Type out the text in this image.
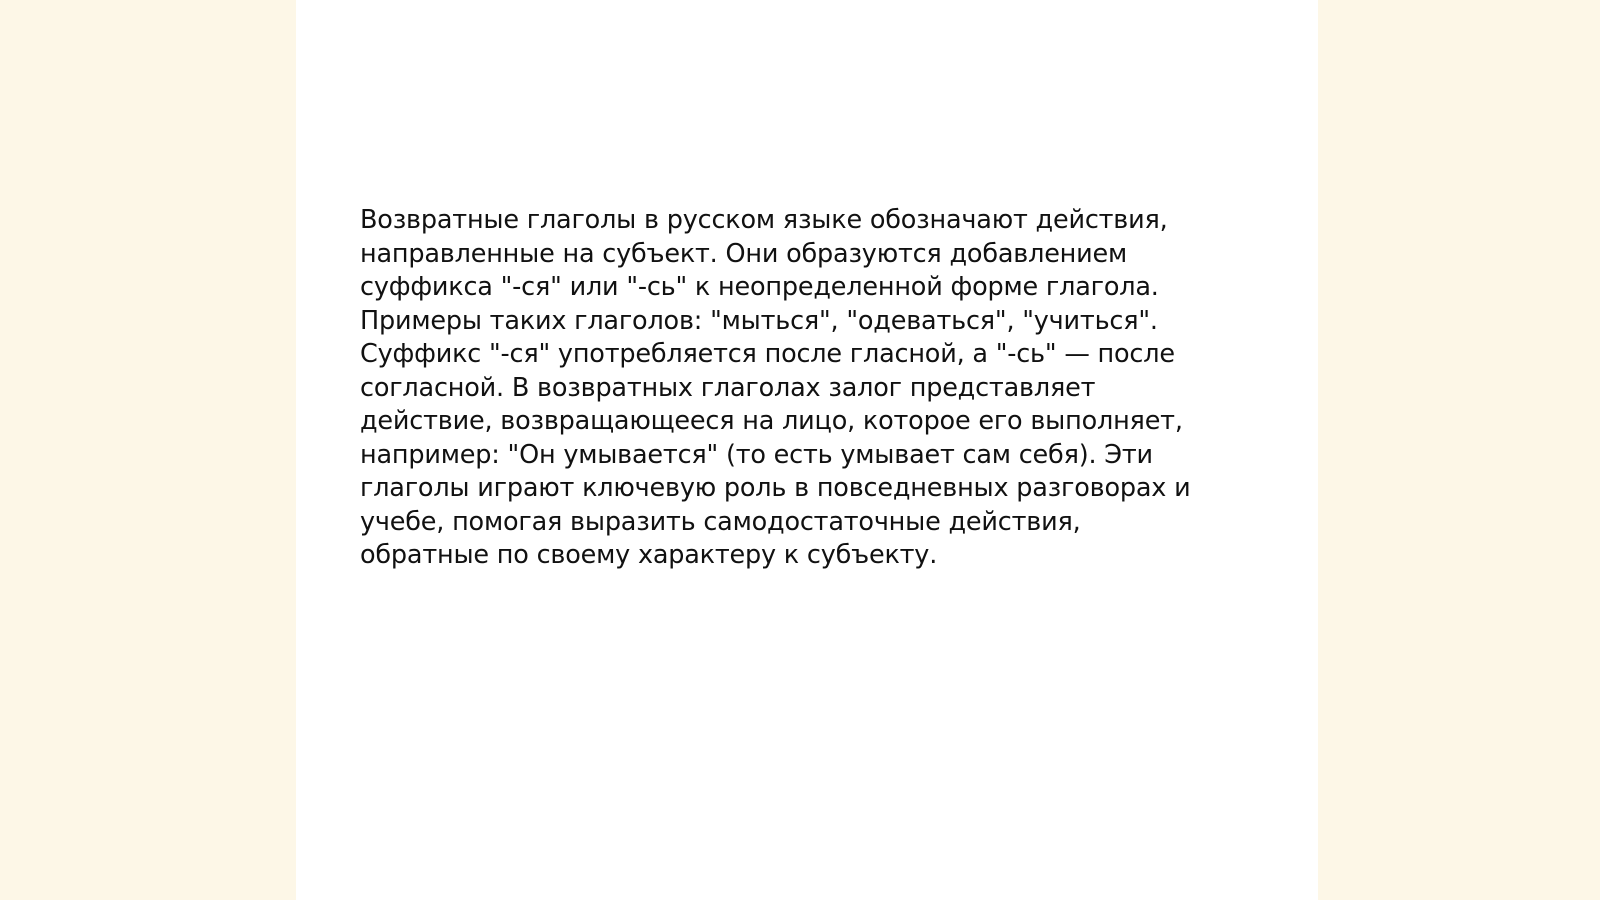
Возвратные глаголы в русском языке обозначают действия,
направленные на субъект. Они образуются добавлением
суффикса "-ся" или "-сь" к неопределенной форме глагола.
Примеры таких глаголов: "мыться", "одеваться", "учиться".
Суффикс "-ся" употребляется после гласной, а "-сь" — после
согласной. В возвратных глаголах залог представляет
действие, возвращающееся на лицо, которое его выполняет,
например: "Он умывается" (то есть умывает сам себя). Эти
глаголы играют ключевую роль в повседневных разговорах и
учебе, помогая выразить самодостаточные действия,
обратные по своему характеру к субъекту.
